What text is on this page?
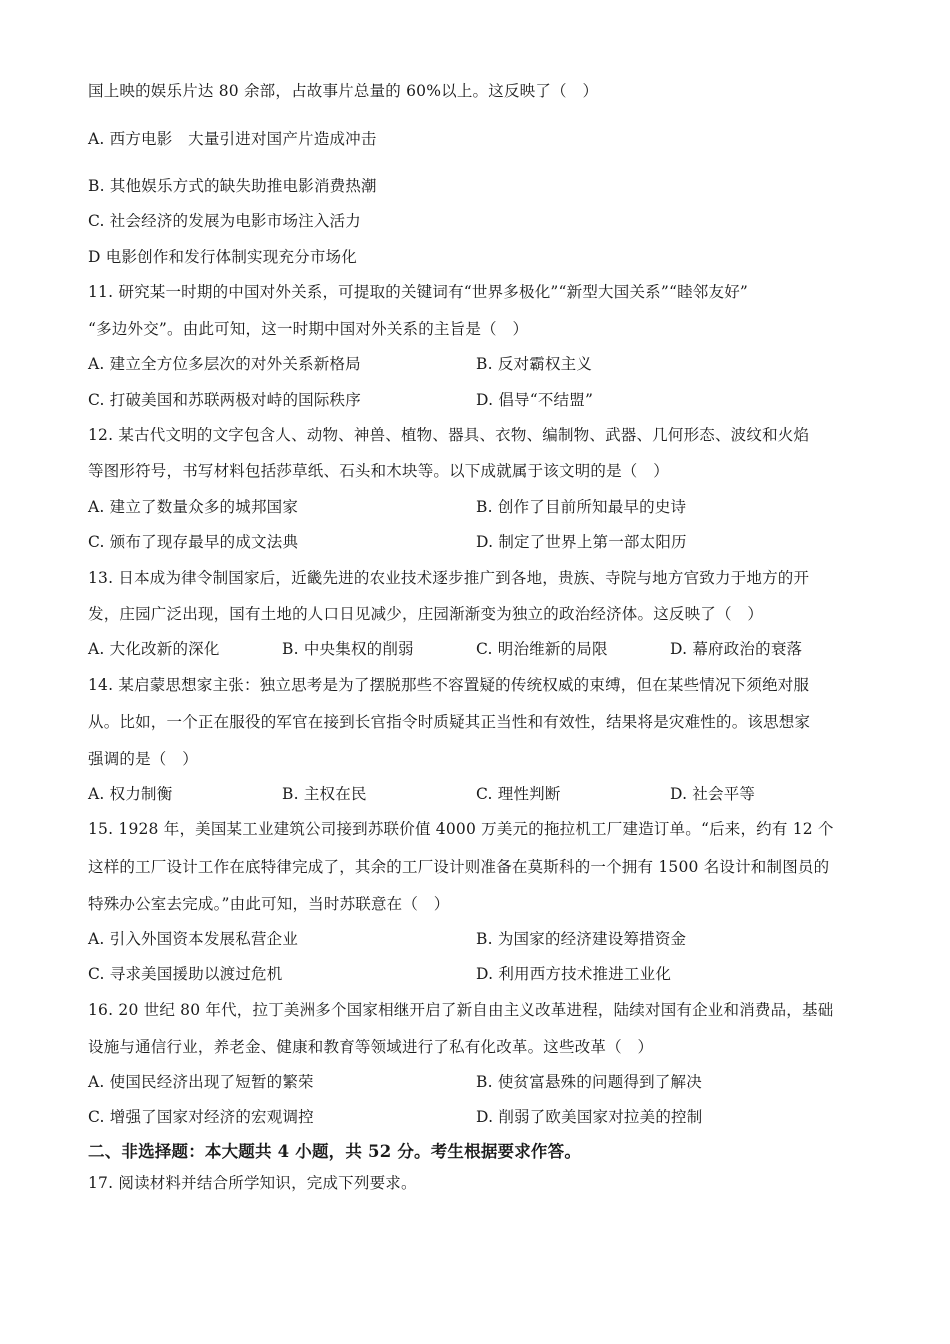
国上映的娱乐片达 80 余部，占故事片总量的 60%以上。这反映了（　）
A. 西方电影　大量引进对国产片造成冲击
B. 其他娱乐方式的缺失助推电影消费热潮
C. 社会经济的发展为电影市场注入活力
D 电影创作和发行体制实现充分市场化
11. 研究某一时期的中国对外关系，可提取的关键词有“世界多极化”“新型大国关系”“睦邻友好”
“多边外交”。由此可知，这一时期中国对外关系的主旨是（　）
A. 建立全方位多层次的对外关系新格局	B. 反对霸权主义
C. 打破美国和苏联两极对峙的国际秩序	D. 倡导“不结盟”
12. 某古代文明的文字包含人、动物、神兽、植物、器具、衣物、编制物、武器、几何形态、波纹和火焰
等图形符号，书写材料包括莎草纸、石头和木块等。以下成就属于该文明的是（　）
A. 建立了数量众多的城邦国家	B. 创作了目前所知最早的史诗
C. 颁布了现存最早的成文法典	D. 制定了世界上第一部太阳历
13. 日本成为律令制国家后，近畿先进的农业技术逐步推广到各地，贵族、寺院与地方官致力于地方的开
发，庄园广泛出现，国有土地的人口日见减少，庄园渐渐变为独立的政治经济体。这反映了（　）
A. 大化改新的深化	B. 中央集权的削弱	C. 明治维新的局限	D. 幕府政治的衰落
14. 某启蒙思想家主张：独立思考是为了摆脱那些不容置疑的传统权威的束缚，但在某些情况下须绝对服
从。比如，一个正在服役的军官在接到长官指令时质疑其正当性和有效性，结果将是灾难性的。该思想家
强调的是（　）
A. 权力制衡	B. 主权在民	C. 理性判断	D. 社会平等
15. 1928 年，美国某工业建筑公司接到苏联价值 4000 万美元的拖拉机工厂建造订单。“后来，约有 12 个
这样的工厂设计工作在底特律完成了，其余的工厂设计则准备在莫斯科的一个拥有 1500 名设计和制图员的
特殊办公室去完成。”由此可知，当时苏联意在（　）
A. 引入外国资本发展私营企业	B. 为国家的经济建设筹措资金
C. 寻求美国援助以渡过危机	D. 利用西方技术推进工业化
16. 20 世纪 80 年代，拉丁美洲多个国家相继开启了新自由主义改革进程，陆续对国有企业和消费品，基础
设施与通信行业，养老金、健康和教育等领域进行了私有化改革。这些改革（　）
A. 使国民经济出现了短暂的繁荣	B. 使贫富悬殊的问题得到了解决
C. 增强了国家对经济的宏观调控	D. 削弱了欧美国家对拉美的控制
二、非选择题：本大题共 4 小题，共 52 分。考生根据要求作答。
17. 阅读材料并结合所学知识，完成下列要求。
